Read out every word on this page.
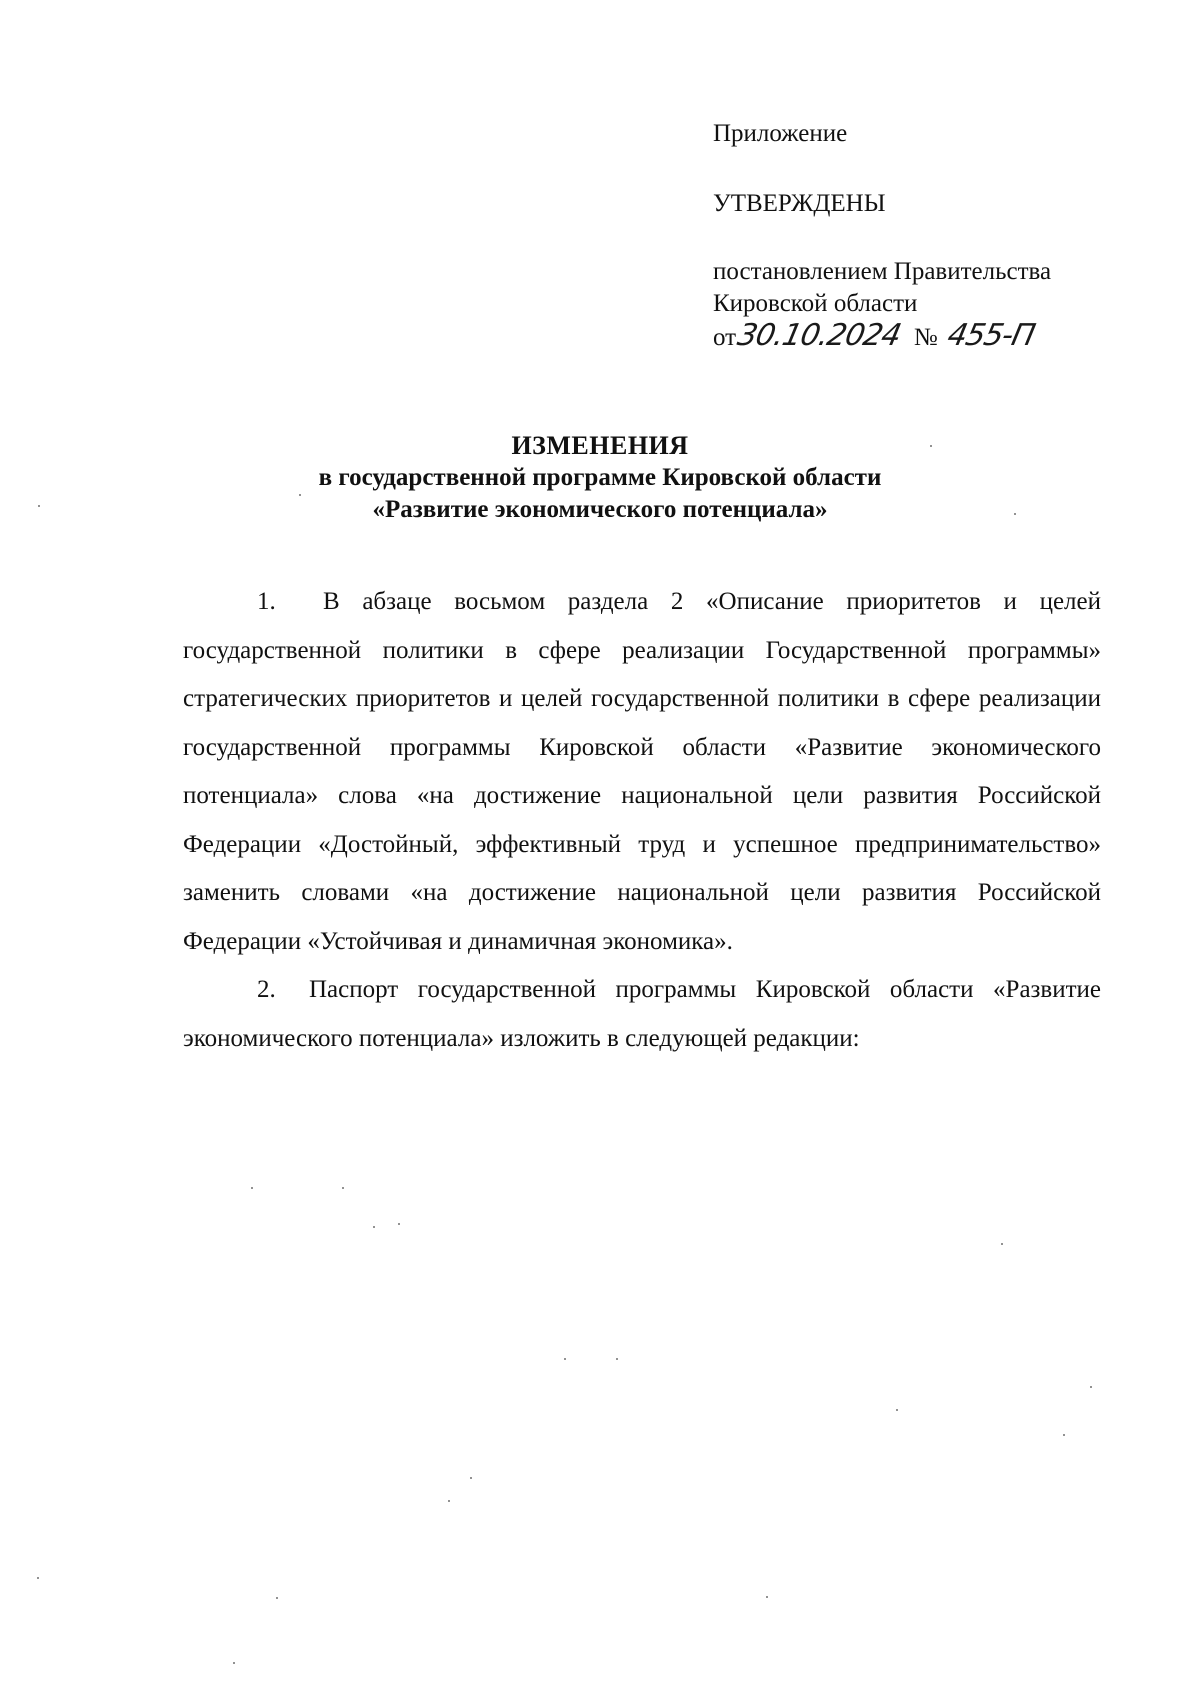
Приложение
УТВЕРЖДЕНЫ
постановлением Правительства
Кировской области
от30.10.2024 № 455-П
ИЗМЕНЕНИЯ
в государственной программе Кировской области
«Развитие экономического потенциала»

1. В абзаце восьмом раздела 2 «Описание приоритетов и целей государственной политики в сфере реализации Государственной программы» стратегических приоритетов и целей государственной политики в сфере реализации государственной программы Кировской области «Развитие экономического потенциала» слова «на достижение национальной цели развития Российской Федерации «Достойный, эффективный труд и успешное предпринимательство» заменить словами «на достижение национальной цели развития Российской Федерации «Устойчивая и динамичная экономика».

2. Паспорт государственной программы Кировской области «Развитие экономического потенциала» изложить в следующей редакции:
